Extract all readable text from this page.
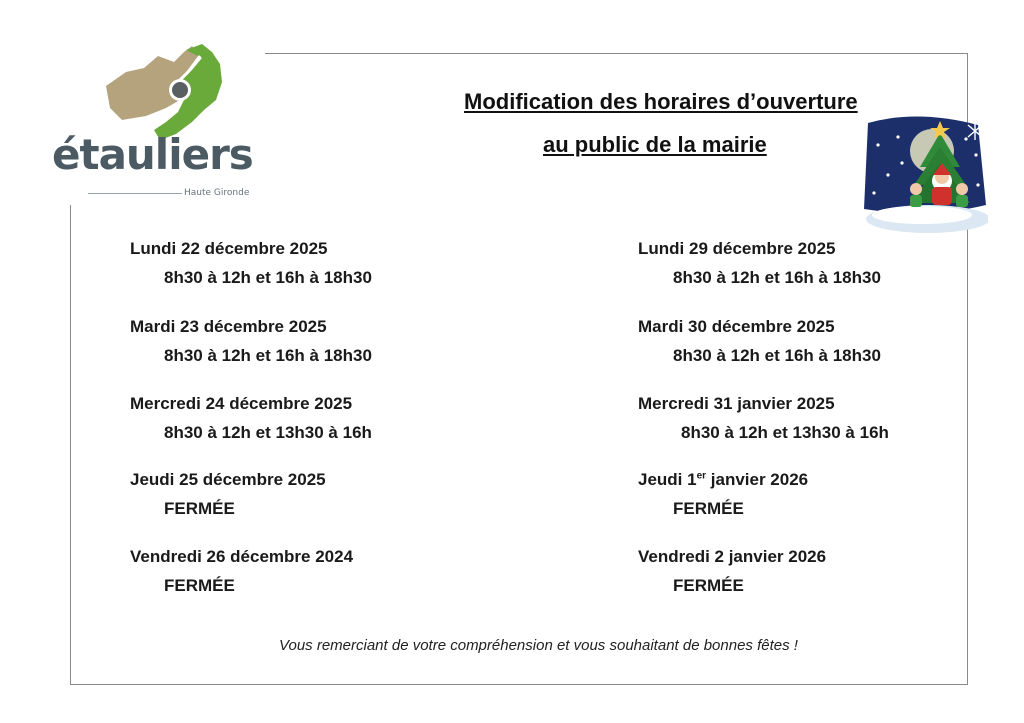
étauliers
Haute Gironde
Modification des horaires d’ouverture
au public de la mairie
Lundi 22 décembre 2025
8h30 à 12h et 16h à 18h30
Mardi 23 décembre 2025
8h30 à 12h et 16h à 18h30
Mercredi 24 décembre 2025
8h30 à 12h et 13h30 à 16h
Jeudi 25 décembre 2025
FERMÉE
Vendredi 26 décembre 2024
FERMÉE
Lundi 29 décembre 2025
8h30 à 12h et 16h à 18h30
Mardi 30 décembre 2025
8h30 à 12h et 16h à 18h30
Mercredi 31 janvier 2025
8h30 à 12h et 13h30 à 16h
Jeudi 1er janvier 2026
FERMÉE
Vendredi 2 janvier 2026
FERMÉE
Vous remerciant de votre compréhension et vous souhaitant de bonnes fêtes !
